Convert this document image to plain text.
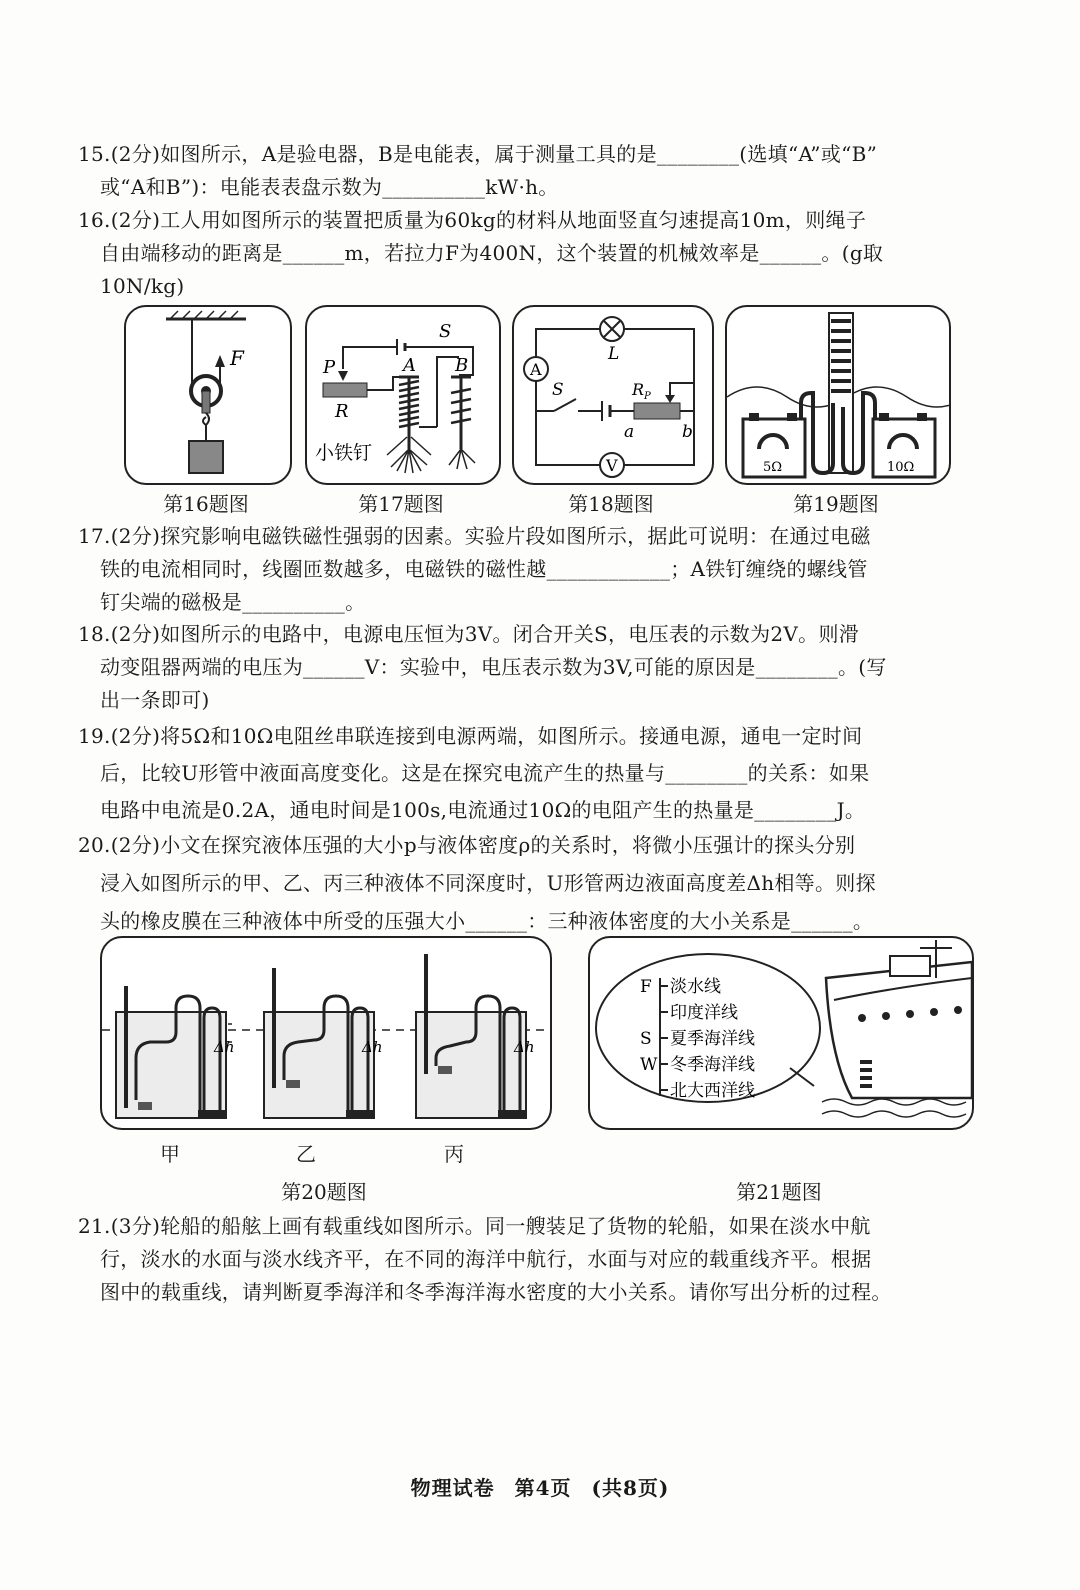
15.(2分)如图所示，A是验电器，B是电能表，属于测量工具的是________(选填“A”或“B”

或“A和B”)：电能表表盘示数为__________kW·h。

16.(2分)工人用如图所示的装置把质量为60kg的材料从地面竖直匀速提高10m，则绳子

自由端移动的距离是______m，若拉力F为400N，这个装置的机械效率是______。(g取

10N/kg)

F
第16题图
S
P
R
A B
小铁钉
第17题图
L
A
V
S	R P
a	b
第18题图
5Ω	10Ω
第19题图

17.(2分)探究影响电磁铁磁性强弱的因素。实验片段如图所示，据此可说明：在通过电磁

铁的电流相同时，线圈匝数越多，电磁铁的磁性越____________；A铁钉缠绕的螺线管

钉尖端的磁极是__________。

18.(2分)如图所示的电路中，电源电压恒为3V。闭合开关S，电压表的示数为2V。则滑

动变阻器两端的电压为______V：实验中，电压表示数为3V,可能的原因是________。(写

出一条即可)

19.(2分)将5Ω和10Ω电阻丝串联连接到电源两端，如图所示。接通电源，通电一定时间

后，比较U形管中液面高度变化。这是在探究电流产生的热量与________的关系：如果

电路中电流是0.2A，通电时间是100s,电流通过10Ω的电阻产生的热量是________J。

20.(2分)小文在探究液体压强的大小p与液体密度ρ的关系时，将微小压强计的探头分别

浸入如图所示的甲、乙、丙三种液体不同深度时，U形管两边液面高度差Δh相等。则探

头的橡皮膜在三种液体中所受的压强大小______：三种液体密度的大小关系是______。

Δh	Δh	Δh
甲	乙	丙
第20题图
F 淡水线
印度洋线
S 夏季海洋线
W 冬季海洋线
北大西洋线
第21题图

21.(3分)轮船的船舷上画有载重线如图所示。同一艘装足了货物的轮船，如果在淡水中航

行，淡水的水面与淡水线齐平，在不同的海洋中航行，水面与对应的载重线齐平。根据

图中的载重线，请判断夏季海洋和冬季海洋海水密度的大小关系。请你写出分析的过程。

物理试卷 第4页 (共8页)
